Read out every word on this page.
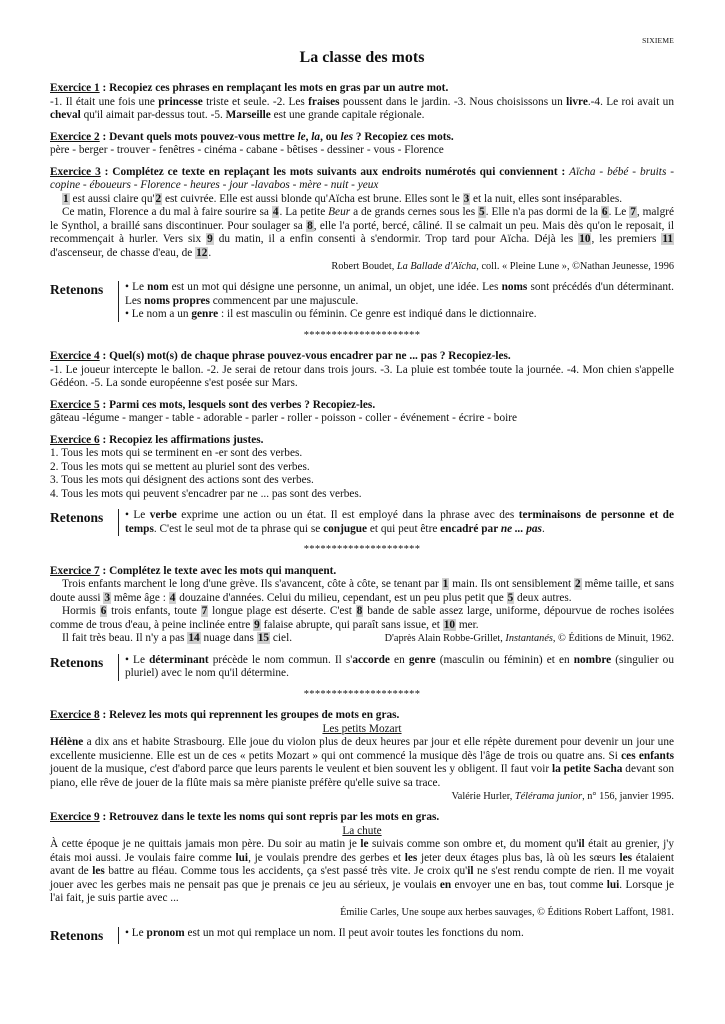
SIXIEME
La classe des mots

Exercice 1 : Recopiez ces phrases en remplaçant les mots en gras par un autre mot.

-1. Il était une fois une princesse triste et seule. -2. Les fraises poussent dans le jardin. -3. Nous choisissons un livre.-4. Le roi avait un cheval qu'il aimait par-dessus tout. -5. Marseille est une grande capitale régionale.

Exercice 2 : Devant quels mots pouvez-vous mettre le, la, ou les ? Recopiez ces mots.

père - berger - trouver - fenêtres - cinéma - cabane - bêtises - dessiner - vous - Florence

Exercice 3 : Complétez ce texte en replaçant les mots suivants aux endroits numérotés qui conviennent : Aïcha - bébé - bruits - copine - éboueurs - Florence - heures - jour -lavabos - mère - nuit - yeux

1 est aussi claire qu'2 est cuivrée. Elle est aussi blonde qu'Aïcha est brune. Elles sont le 3 et la nuit, elles sont inséparables.

Ce matin, Florence a du mal à faire sourire sa 4. La petite Beur a de grands cernes sous les 5. Elle n'a pas dormi de la 6. Le 7, malgré le Synthol, a braillé sans discontinuer. Pour soulager sa 8, elle l'a porté, bercé, câliné. Il se calmait un peu. Mais dès qu'on le reposait, il recommençait à hurler. Vers six 9 du matin, il a enfin consenti à s'endormir. Trop tard pour Aïcha. Déjà les 10, les premiers 11 d'ascenseur, de chasse d'eau, de 12.

Robert Boudet, La Ballade d'Aïcha, coll. « Pleine Lune », ©Nathan Jeunesse, 1996

Retenons	• Le nom est un mot qui désigne une personne, un animal, un objet, une idée. Les noms sont précédés d'un déterminant. Les noms propres commencent par une majuscule.

• Le nom a un genre : il est masculin ou féminin. Ce genre est indiqué dans le dictionnaire.

*********************

Exercice 4 : Quel(s) mot(s) de chaque phrase pouvez-vous encadrer par ne ... pas ? Recopiez-les.

-1. Le joueur intercepte le ballon. -2. Je serai de retour dans trois jours. -3. La pluie est tombée toute la journée. -4. Mon chien s'appelle Gédéon. -5. La sonde européenne s'est posée sur Mars.

Exercice 5 : Parmi ces mots, lesquels sont des verbes ? Recopiez-les.

gâteau -légume - manger - table - adorable - parler - roller - poisson - coller - événement - écrire - boire

Exercice 6 : Recopiez les affirmations justes.

1. Tous les mots qui se terminent en -er sont des verbes.

2. Tous les mots qui se mettent au pluriel sont des verbes.

3. Tous les mots qui désignent des actions sont des verbes.

4. Tous les mots qui peuvent s'encadrer par ne ... pas sont des verbes.

Retenons	• Le verbe exprime une action ou un état. Il est employé dans la phrase avec des terminaisons de personne et de temps. C'est le seul mot de ta phrase qui se conjugue et qui peut être encadré par ne ... pas.

*********************

Exercice 7 : Complétez le texte avec les mots qui manquent.

Trois enfants marchent le long d'une grève. Ils s'avancent, côte à côte, se tenant par 1 main. Ils ont sensiblement 2 même taille, et sans doute aussi 3 même âge : 4 douzaine d'années. Celui du milieu, cependant, est un peu plus petit que 5 deux autres.

Hormis 6 trois enfants, toute 7 longue plage est déserte. C'est 8 bande de sable assez large, uniforme, dépourvue de roches isolées comme de trous d'eau, à peine inclinée entre 9 falaise abrupte, qui paraît sans issue, et 10 mer.

Il fait très beau. Il n'y a pas 14 nuage dans 15 ciel.	D'après Alain Robbe-Grillet, Instantanés, © Éditions de Minuit, 1962.

Retenons	• Le déterminant précède le nom commun. Il s'accorde en genre (masculin ou féminin) et en nombre (singulier ou pluriel) avec le nom qu'il détermine.

*********************

Exercice 8 : Relevez les mots qui reprennent les groupes de mots en gras.

Les petits Mozart

Hélène a dix ans et habite Strasbourg. Elle joue du violon plus de deux heures par jour et elle répète durement pour devenir un jour une excellente musicienne. Elle est un de ces « petits Mozart » qui ont commencé la musique dès l'âge de trois ou quatre ans. Si ces enfants jouent de la musique, c'est d'abord parce que leurs parents le veulent et bien souvent les y obligent. Il faut voir la petite Sacha devant son piano, elle rêve de jouer de la flûte mais sa mère pianiste préfère qu'elle suive sa trace.

Valérie Hurler, Télérama junior, n° 156, janvier 1995.

Exercice 9 : Retrouvez dans le texte les noms qui sont repris par les mots en gras.

La chute

À cette époque je ne quittais jamais mon père. Du soir au matin je le suivais comme son ombre et, du moment qu'il était au grenier, j'y étais moi aussi. Je voulais faire comme lui, je voulais prendre des gerbes et les jeter deux étages plus bas, là où les sœurs les étalaient avant de les battre au fléau. Comme tous les accidents, ça s'est passé très vite. Je croix qu'il ne s'est rendu compte de rien. Il me voyait jouer avec les gerbes mais ne pensait pas que je prenais ce jeu au sérieux, je voulais en envoyer une en bas, tout comme lui. Lorsque je l'ai fait, je suis partie avec ...

Émilie Carles, Une soupe aux herbes sauvages, © Éditions Robert Laffont, 1981.

Retenons	• Le pronom est un mot qui remplace un nom. Il peut avoir toutes les fonctions du nom.
